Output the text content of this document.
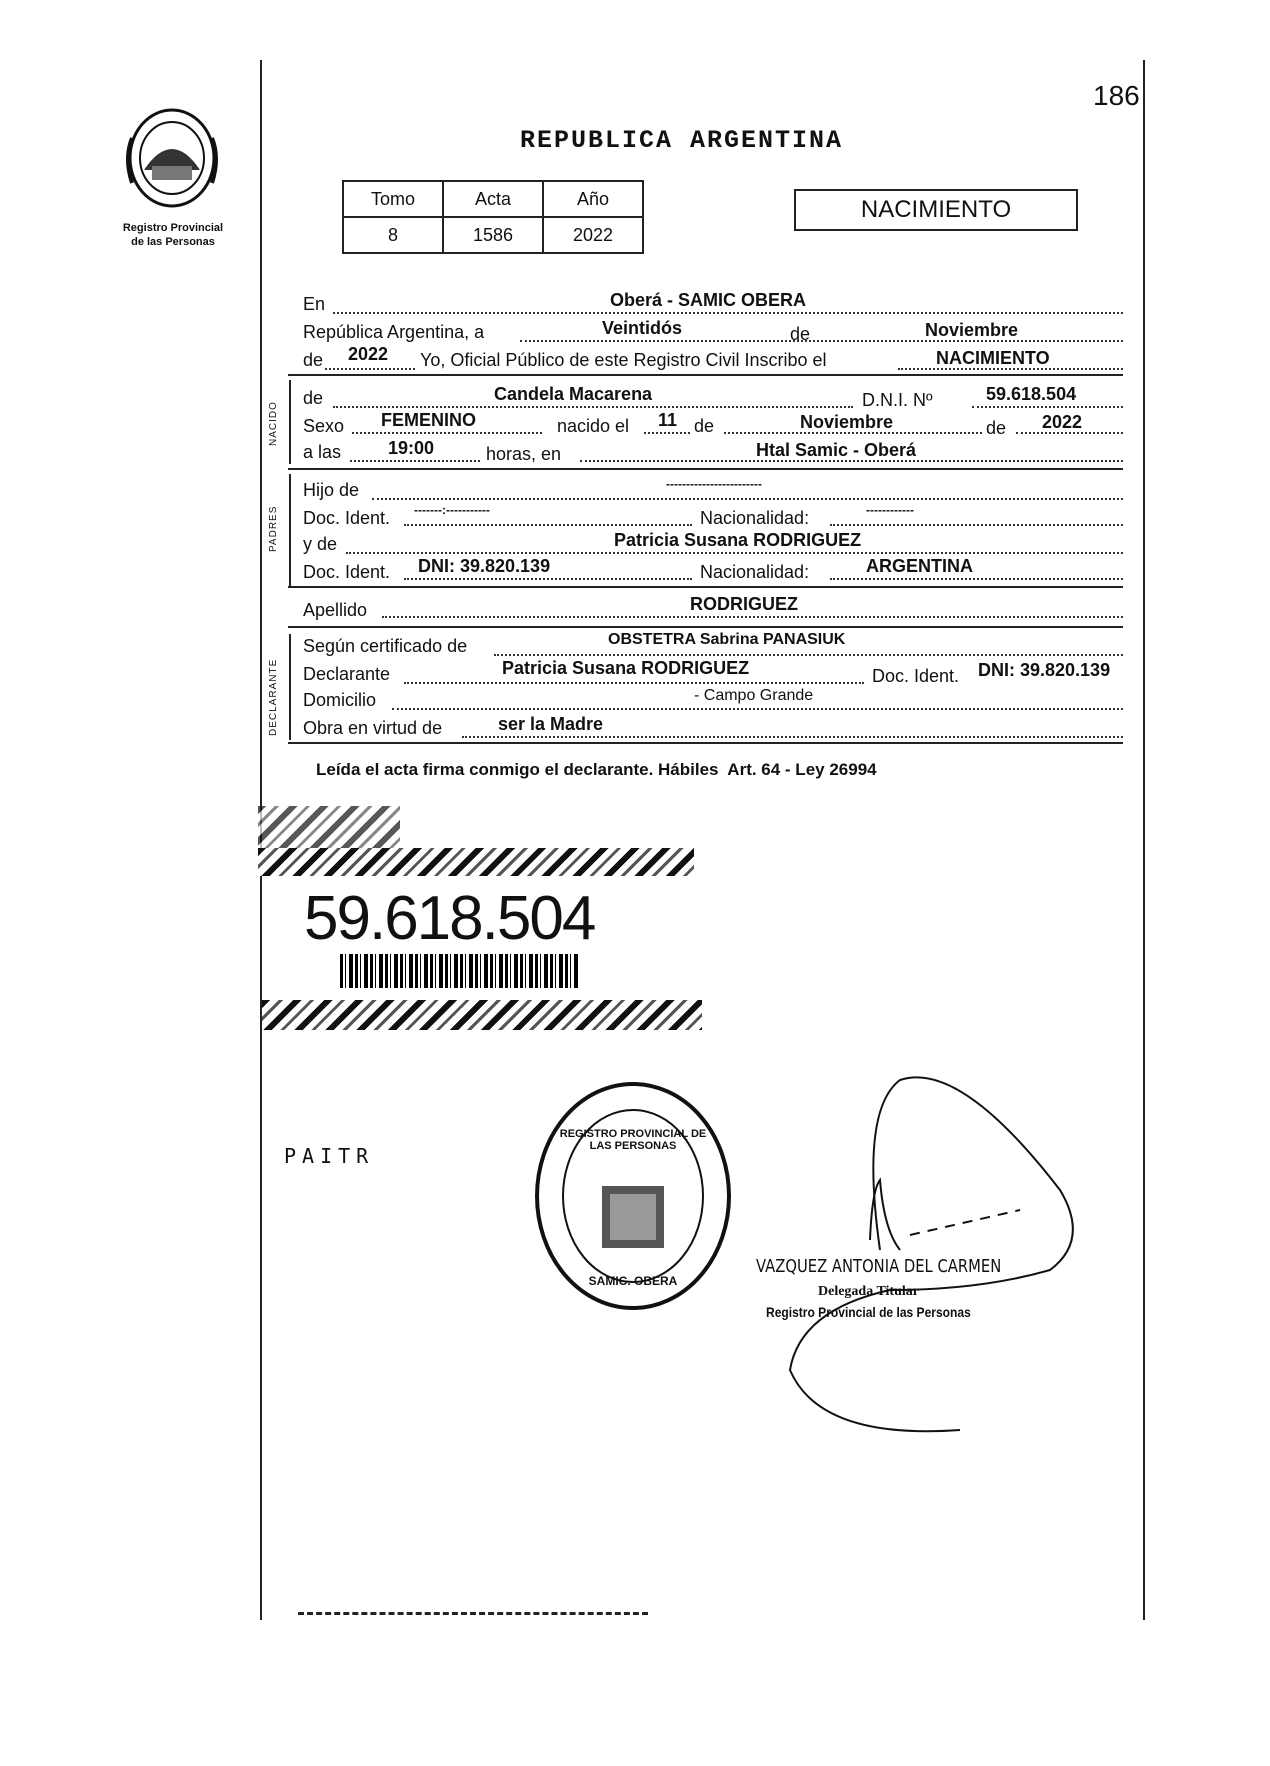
186
Registro Provincial
de las Personas
REPUBLICA ARGENTINA
Tomo	Acta	Año
8	1586	2022
NACIMIENTO
En	Oberá - SAMIC OBERA
República Argentina, a	Veintidós	de	Noviembre
de 2022 Yo, Oficial Público de este Registro Civil Inscribo el	NACIMIENTO
NACIDO
de	Candela Macarena	D.N.I. Nº	59.618.504
Sexo FEMENINO	nacido el 11 de	Noviembre	de 2022
a las	19:00	horas, en	Htal Samic - Oberá
PADRES
Hijo de	------------------------
Doc. Ident. -------:-----------	Nacionalidad:	------------
y de	Patricia Susana RODRIGUEZ
Doc. Ident. DNI: 39.820.139	Nacionalidad:	ARGENTINA
Apellido	RODRIGUEZ
DECLARANTE
Según certificado de	OBSTETRA Sabrina PANASIUK
Declarante	Patricia Susana RODRIGUEZ	Doc. Ident. DNI: 39.820.139
Domicilio	- Campo Grande
Obra en virtud de	ser la Madre
Leída el acta firma conmigo el declarante. Hábiles  Art. 64 - Ley 26994
59.618.504
PAITR
REGISTRO PROVINCIAL DE LAS PERSONAS
SAMIC. OBERA
VAZQUEZ ANTONIA DEL CARMEN
Delegada Titular
Registro Provincial de las Personas
